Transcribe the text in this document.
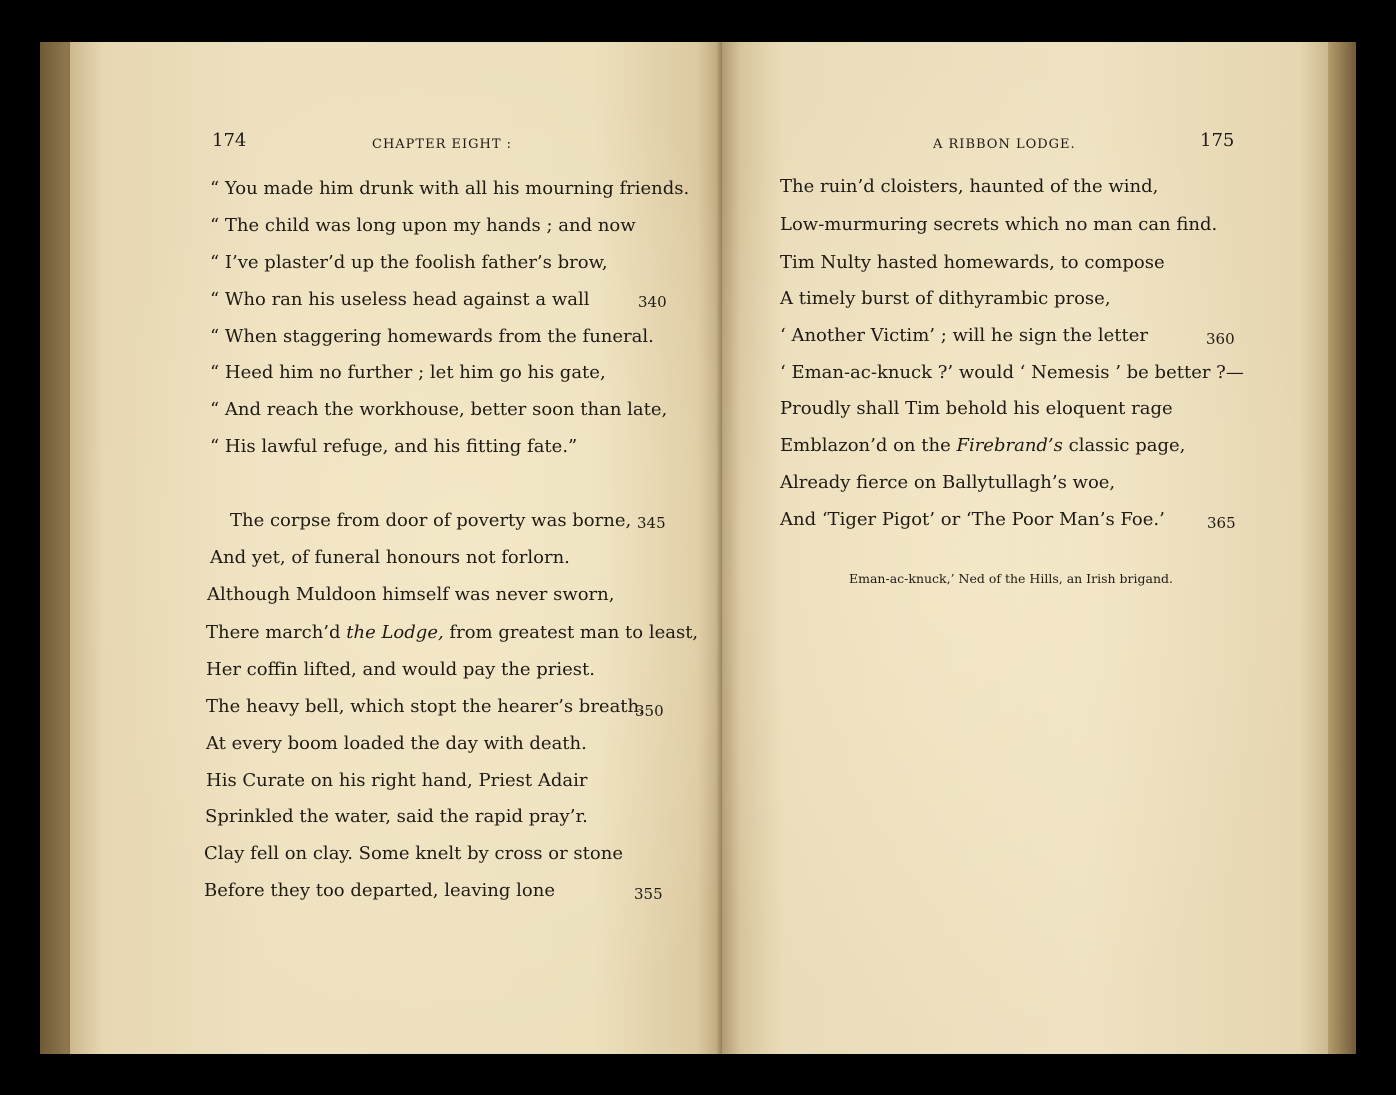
174	CHAPTER EIGHT :
“ You made him drunk with all his mourning friends.
“ The child was long upon my hands ; and now
“ I’ve plaster’d up the foolish father’s brow,
“ Who ran his useless head against a wall	340
“ When staggering homewards from the funeral.
“ Heed him no further ; let him go his gate,
“ And reach the workhouse, better soon than late,
“ His lawful refuge, and his fitting fate.”
The corpse from door of poverty was borne, 345
And yet, of funeral honours not forlorn.
Although Muldoon himself was never sworn,
There march’d the Lodge, from greatest man to least,
Her coffin lifted, and would pay the priest.
The heavy bell, which stopt the hearer’s breath,
350
At every boom loaded the day with death.
His Curate on his right hand, Priest Adair
Sprinkled the water, said the rapid pray’r.
Clay fell on clay. Some knelt by cross or stone
Before they too departed, leaving lone	355
A RIBBON LODGE.	175
The ruin’d cloisters, haunted of the wind,
Low-murmuring secrets which no man can find.
Tim Nulty hasted homewards, to compose
A timely burst of dithyrambic prose,
‘ Another Victim’ ; will he sign the letter	360
‘ Eman-ac-knuck ?’ would ‘ Nemesis ’ be better ?—
Proudly shall Tim behold his eloquent rage
Emblazon’d on the Firebrand’s classic page,
Already fierce on Ballytullagh’s woe,
And ‘Tiger Pigot’ or ‘The Poor Man’s Foe.’	365
Eman-ac-knuck,’ Ned of the Hills, an Irish brigand.
